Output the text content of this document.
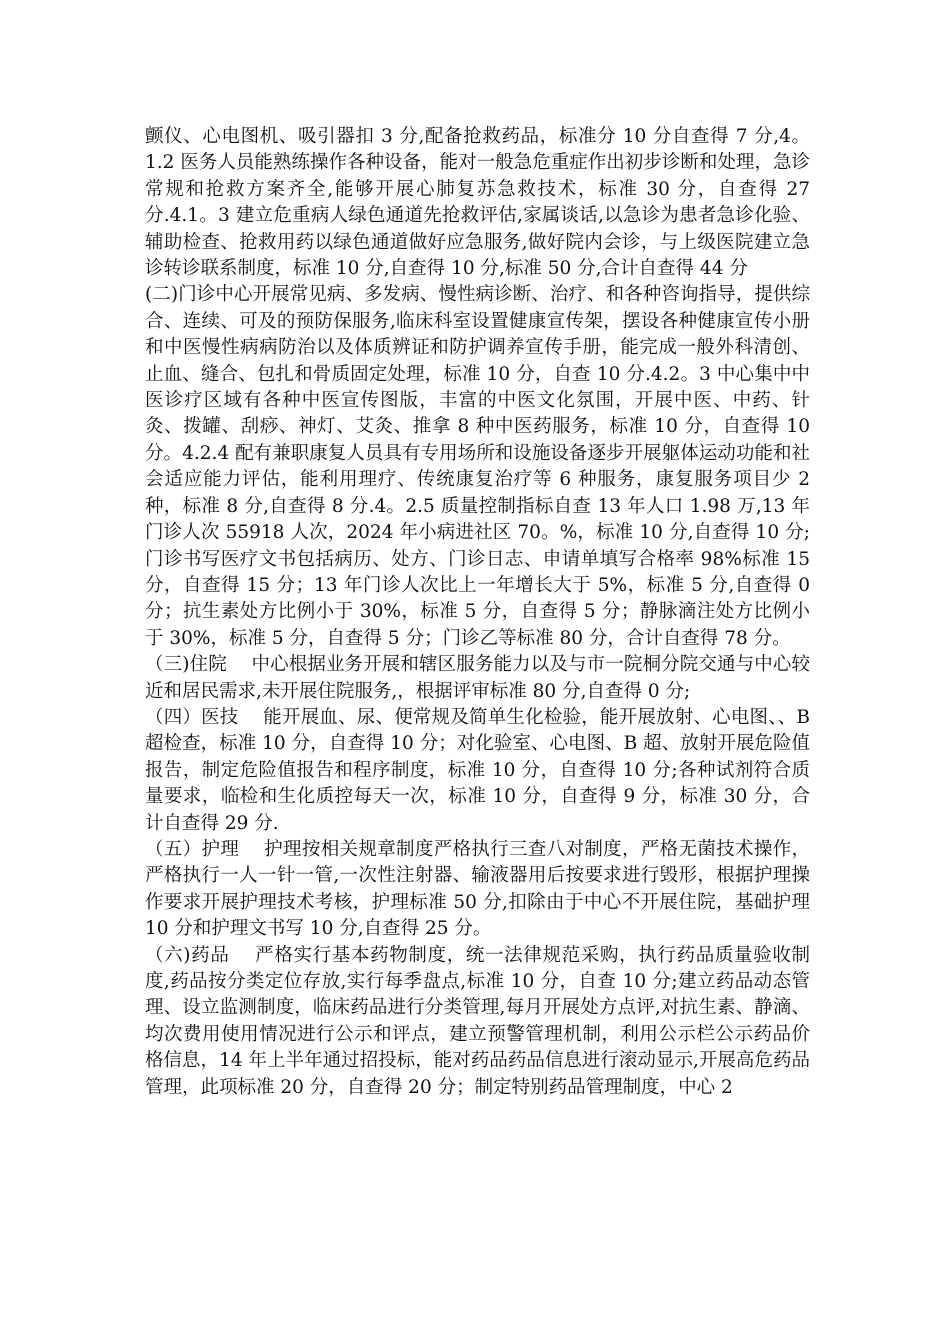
颤仪、心电图机、吸引器扣 3 分,配备抢救药品，标准分 10 分自查得 7 分,4。1.2 医务人员能熟练操作各种设备，能对一般急危重症作出初步诊断和处理，急诊常规和抢救方案齐全,能够开展心肺复苏急救技术，标准 30 分，自查得 27 分.4.1。3 建立危重病人绿色通道先抢救评估,家属谈话,以急诊为患者急诊化验、辅助检查、抢救用药以绿色通道做好应急服务,做好院内会诊，与上级医院建立急诊转诊联系制度，标准 10 分,自查得 10 分,标准 50 分,合计自查得 44 分

(二)门诊中心开展常见病、多发病、慢性病诊断、治疗、和各种咨询指导，提供综合、连续、可及的预防保服务,临床科室设置健康宣传架，摆设各种健康宣传小册和中医慢性病病防治以及体质辨证和防护调养宣传手册，能完成一般外科清创、止血、缝合、包扎和骨质固定处理，标准 10 分，自查 10 分.4.2。3 中心集中中医诊疗区域有各种中医宣传图版，丰富的中医文化氛围，开展中医、中药、针灸、拨罐、刮痧、神灯、艾灸、推拿 8 种中医药服务，标准 10 分，自查得 10 分。4.2.4 配有兼职康复人员具有专用场所和设施设备逐步开展躯体运动功能和社会适应能力评估，能利用理疗、传统康复治疗等 6 种服务，康复服务项目少 2 种，标准 8 分,自查得 8 分.4。2.5 质量控制指标自查 13 年人口 1.98 万,13 年门诊人次 55918 人次，2024 年小病进社区 70。%，标准 10 分,自查得 10 分;门诊书写医疗文书包括病历、处方、门诊日志、申请单填写合格率 98%标准 15 分，自查得 15 分；13 年门诊人次比上一年增长大于 5%，标准 5 分,自查得 0 分；抗生素处方比例小于 30%，标准 5 分，自查得 5 分；静脉滴注处方比例小于 30%，标准 5 分，自查得 5 分；门诊乙等标准 80 分，合计自查得 78 分。

（三)住院　 中心根据业务开展和辖区服务能力以及与市一院桐分院交通与中心较近和居民需求,未开展住院服务,，根据评审标准 80 分,自查得 0 分;

（四）医技　 能开展血、尿、便常规及简单生化检验，能开展放射、心电图、、B 超检查，标准 10 分，自查得 10 分；对化验室、心电图、B 超、放射开展危险值报告，制定危险值报告和程序制度，标准 10 分，自查得 10 分;各种试剂符合质量要求，临检和生化质控每天一次，标准 10 分，自查得 9 分，标准 30 分，合计自查得 29 分.

（五）护理　 护理按相关规章制度严格执行三查八对制度，严格无菌技术操作，严格执行一人一针一管,一次性注射器、输液器用后按要求进行毁形，根据护理操作要求开展护理技术考核，护理标准 50 分,扣除由于中心不开展住院，基础护理 10 分和护理文书写 10 分,自查得 25 分。

（六)药品　 严格实行基本药物制度，统一法律规范采购，执行药品质量验收制度,药品按分类定位存放,实行每季盘点,标准 10 分，自查 10 分;建立药品动态管理、设立监测制度，临床药品进行分类管理,每月开展处方点评,对抗生素、静滴、均次费用使用情况进行公示和评点，建立预警管理机制，利用公示栏公示药品价格信息，14 年上半年通过招投标，能对药品药品信息进行滚动显示,开展高危药品管理，此项标准 20 分，自查得 20 分；制定特别药品管理制度，中心 2
